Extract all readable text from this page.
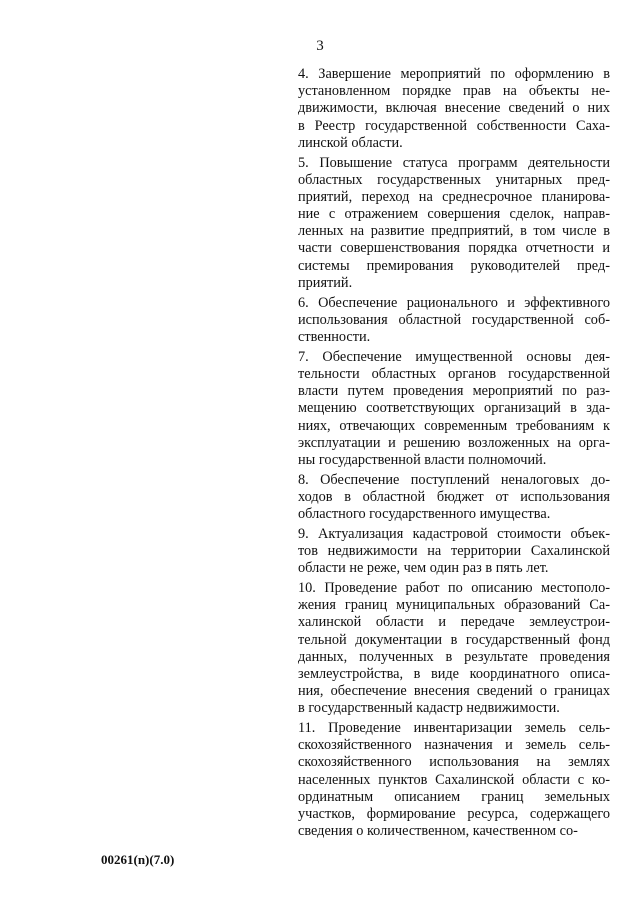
3
4. Завершение мероприятий по оформлению в
установленном порядке прав на объекты не-
движимости, включая внесение сведений о них
в Реестр государственной собственности Саха-
линской области.
5. Повышение статуса программ деятельности
областных государственных унитарных пред-
приятий, переход на среднесрочное планирова-
ние с отражением совершения сделок, направ-
ленных на развитие предприятий, в том числе в
части совершенствования порядка отчетности и
системы премирования руководителей пред-
приятий.
6. Обеспечение рационального и эффективного
использования областной государственной соб-
ственности.
7. Обеспечение имущественной основы дея-
тельности областных органов государственной
власти путем проведения мероприятий по раз-
мещению соответствующих организаций в зда-
ниях, отвечающих современным требованиям к
эксплуатации и решению возложенных на орга-
ны государственной власти полномочий.
8. Обеспечение поступлений неналоговых до-
ходов в областной бюджет от использования
областного государственного имущества.
9. Актуализация кадастровой стоимости объек-
тов недвижимости на территории Сахалинской
области не реже, чем один раз в пять лет.
10. Проведение работ по описанию местополо-
жения границ муниципальных образований Са-
халинской области и передаче землеустрои-
тельной документации в государственный фонд
данных, полученных в результате проведения
землеустройства, в виде координатного описа-
ния, обеспечение внесения сведений о границах
в государственный кадастр недвижимости.
11. Проведение инвентаризации земель сель-
скохозяйственного назначения и земель сель-
скохозяйственного использования на землях
населенных пунктов Сахалинской области с ко-
ординатным описанием границ земельных
участков, формирование ресурса, содержащего
сведения о количественном, качественном со-
00261(n)(7.0)
